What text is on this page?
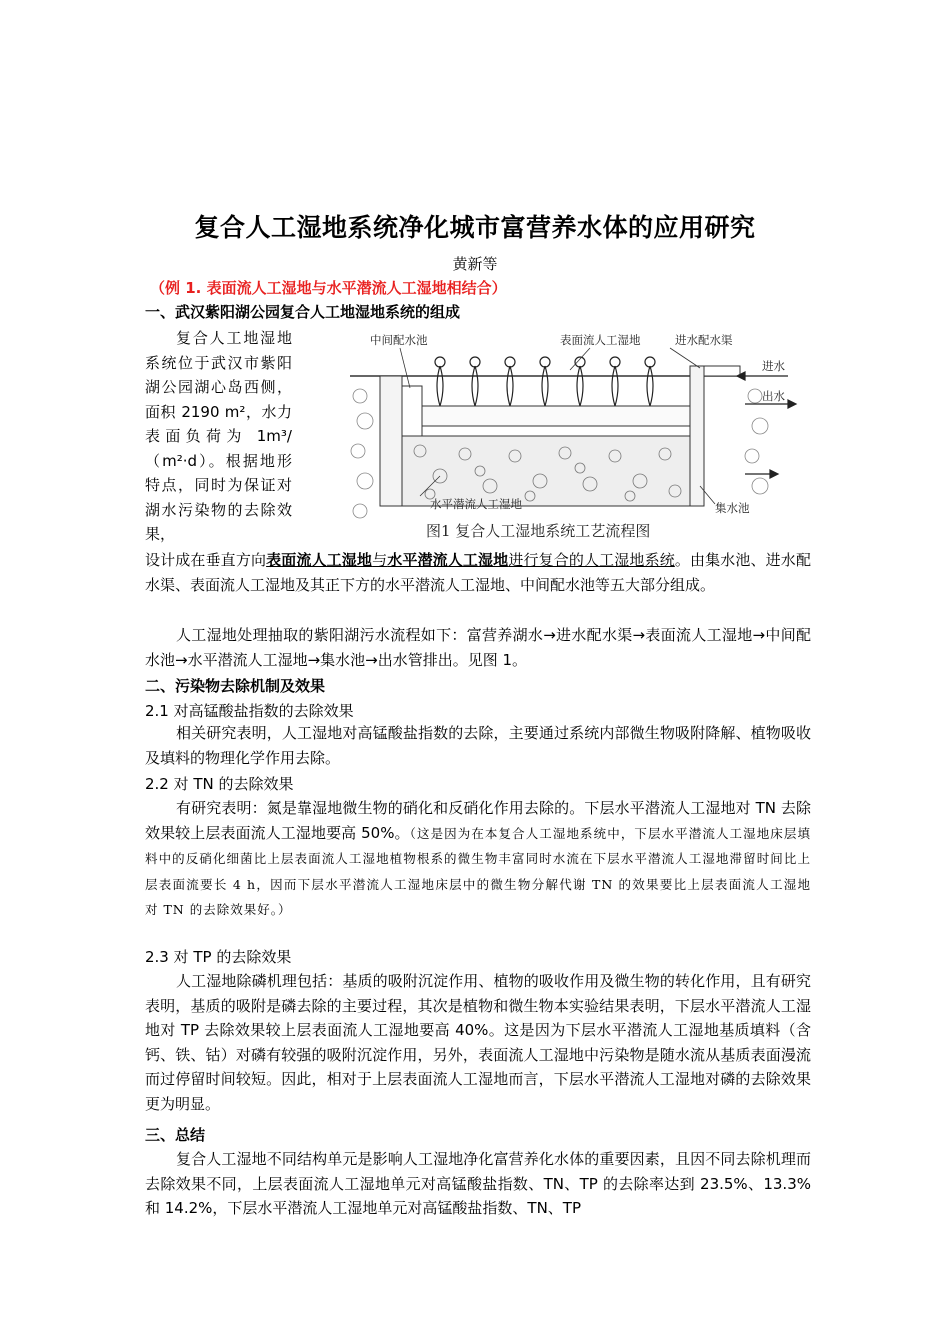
复合人工湿地系统净化城市富营养水体的应用研究
黄新等
（例 1. 表面流人工湿地与水平潜流人工湿地相结合）
一、武汉紫阳湖公园复合人工地湿地系统的组成

复合人工地湿地系统位于武汉市紫阳湖公园湖心岛西侧，面积 2190 m²，水力表面负荷为 1m³/（m²·d）。根据地形特点，同时为保证对湖水污染物的去除效果，

中间配水池	表面流人工湿地	进水配水渠
进水
出水
水平潜流人工湿地	集水池
图1 复合人工湿地系统工艺流程图

设计成在垂直方向表面流人工湿地与水平潜流人工湿地进行复合的人工湿地系统。由集水池、进水配水渠、表面流人工湿地及其正下方的水平潜流人工湿地、中间配水池等五大部分组成。

人工湿地处理抽取的紫阳湖污水流程如下：富营养湖水→进水配水渠→表面流人工湿地→中间配水池→水平潜流人工湿地→集水池→出水管排出。见图 1。

二、污染物去除机制及效果
2.1 对高锰酸盐指数的去除效果

相关研究表明，人工湿地对高锰酸盐指数的去除，主要通过系统内部微生物吸附降解、植物吸收及填料的物理化学作用去除。

2.2 对 TN 的去除效果

有研究表明：氮是靠湿地微生物的硝化和反硝化作用去除的。下层水平潜流人工湿地对 TN 去除效果较上层表面流人工湿地要高 50%。（这是因为在本复合人工湿地系统中，下层水平潜流人工湿地床层填料中的反硝化细菌比上层表面流人工湿地植物根系的微生物丰富同时水流在下层水平潜流人工湿地滞留时间比上层表面流要长 4 h，因而下层水平潜流人工湿地床层中的微生物分解代谢 TN 的效果要比上层表面流人工湿地对 TN 的去除效果好。）

2.3 对 TP 的去除效果

人工湿地除磷机理包括：基质的吸附沉淀作用、植物的吸收作用及微生物的转化作用，且有研究表明，基质的吸附是磷去除的主要过程，其次是植物和微生物本实验结果表明，下层水平潜流人工湿地对 TP 去除效果较上层表面流人工湿地要高 40%。这是因为下层水平潜流人工湿地基质填料（含钙、铁、钴）对磷有较强的吸附沉淀作用，另外，表面流人工湿地中污染物是随水流从基质表面漫流而过停留时间较短。因此，相对于上层表面流人工湿地而言，下层水平潜流人工湿地对磷的去除效果更为明显。

三、总结

复合人工湿地不同结构单元是影响人工湿地净化富营养化水体的重要因素，且因不同去除机理而去除效果不同，上层表面流人工湿地单元对高锰酸盐指数、TN、TP 的去除率达到 23.5%、13.3%和 14.2%，下层水平潜流人工湿地单元对高锰酸盐指数、TN、TP
